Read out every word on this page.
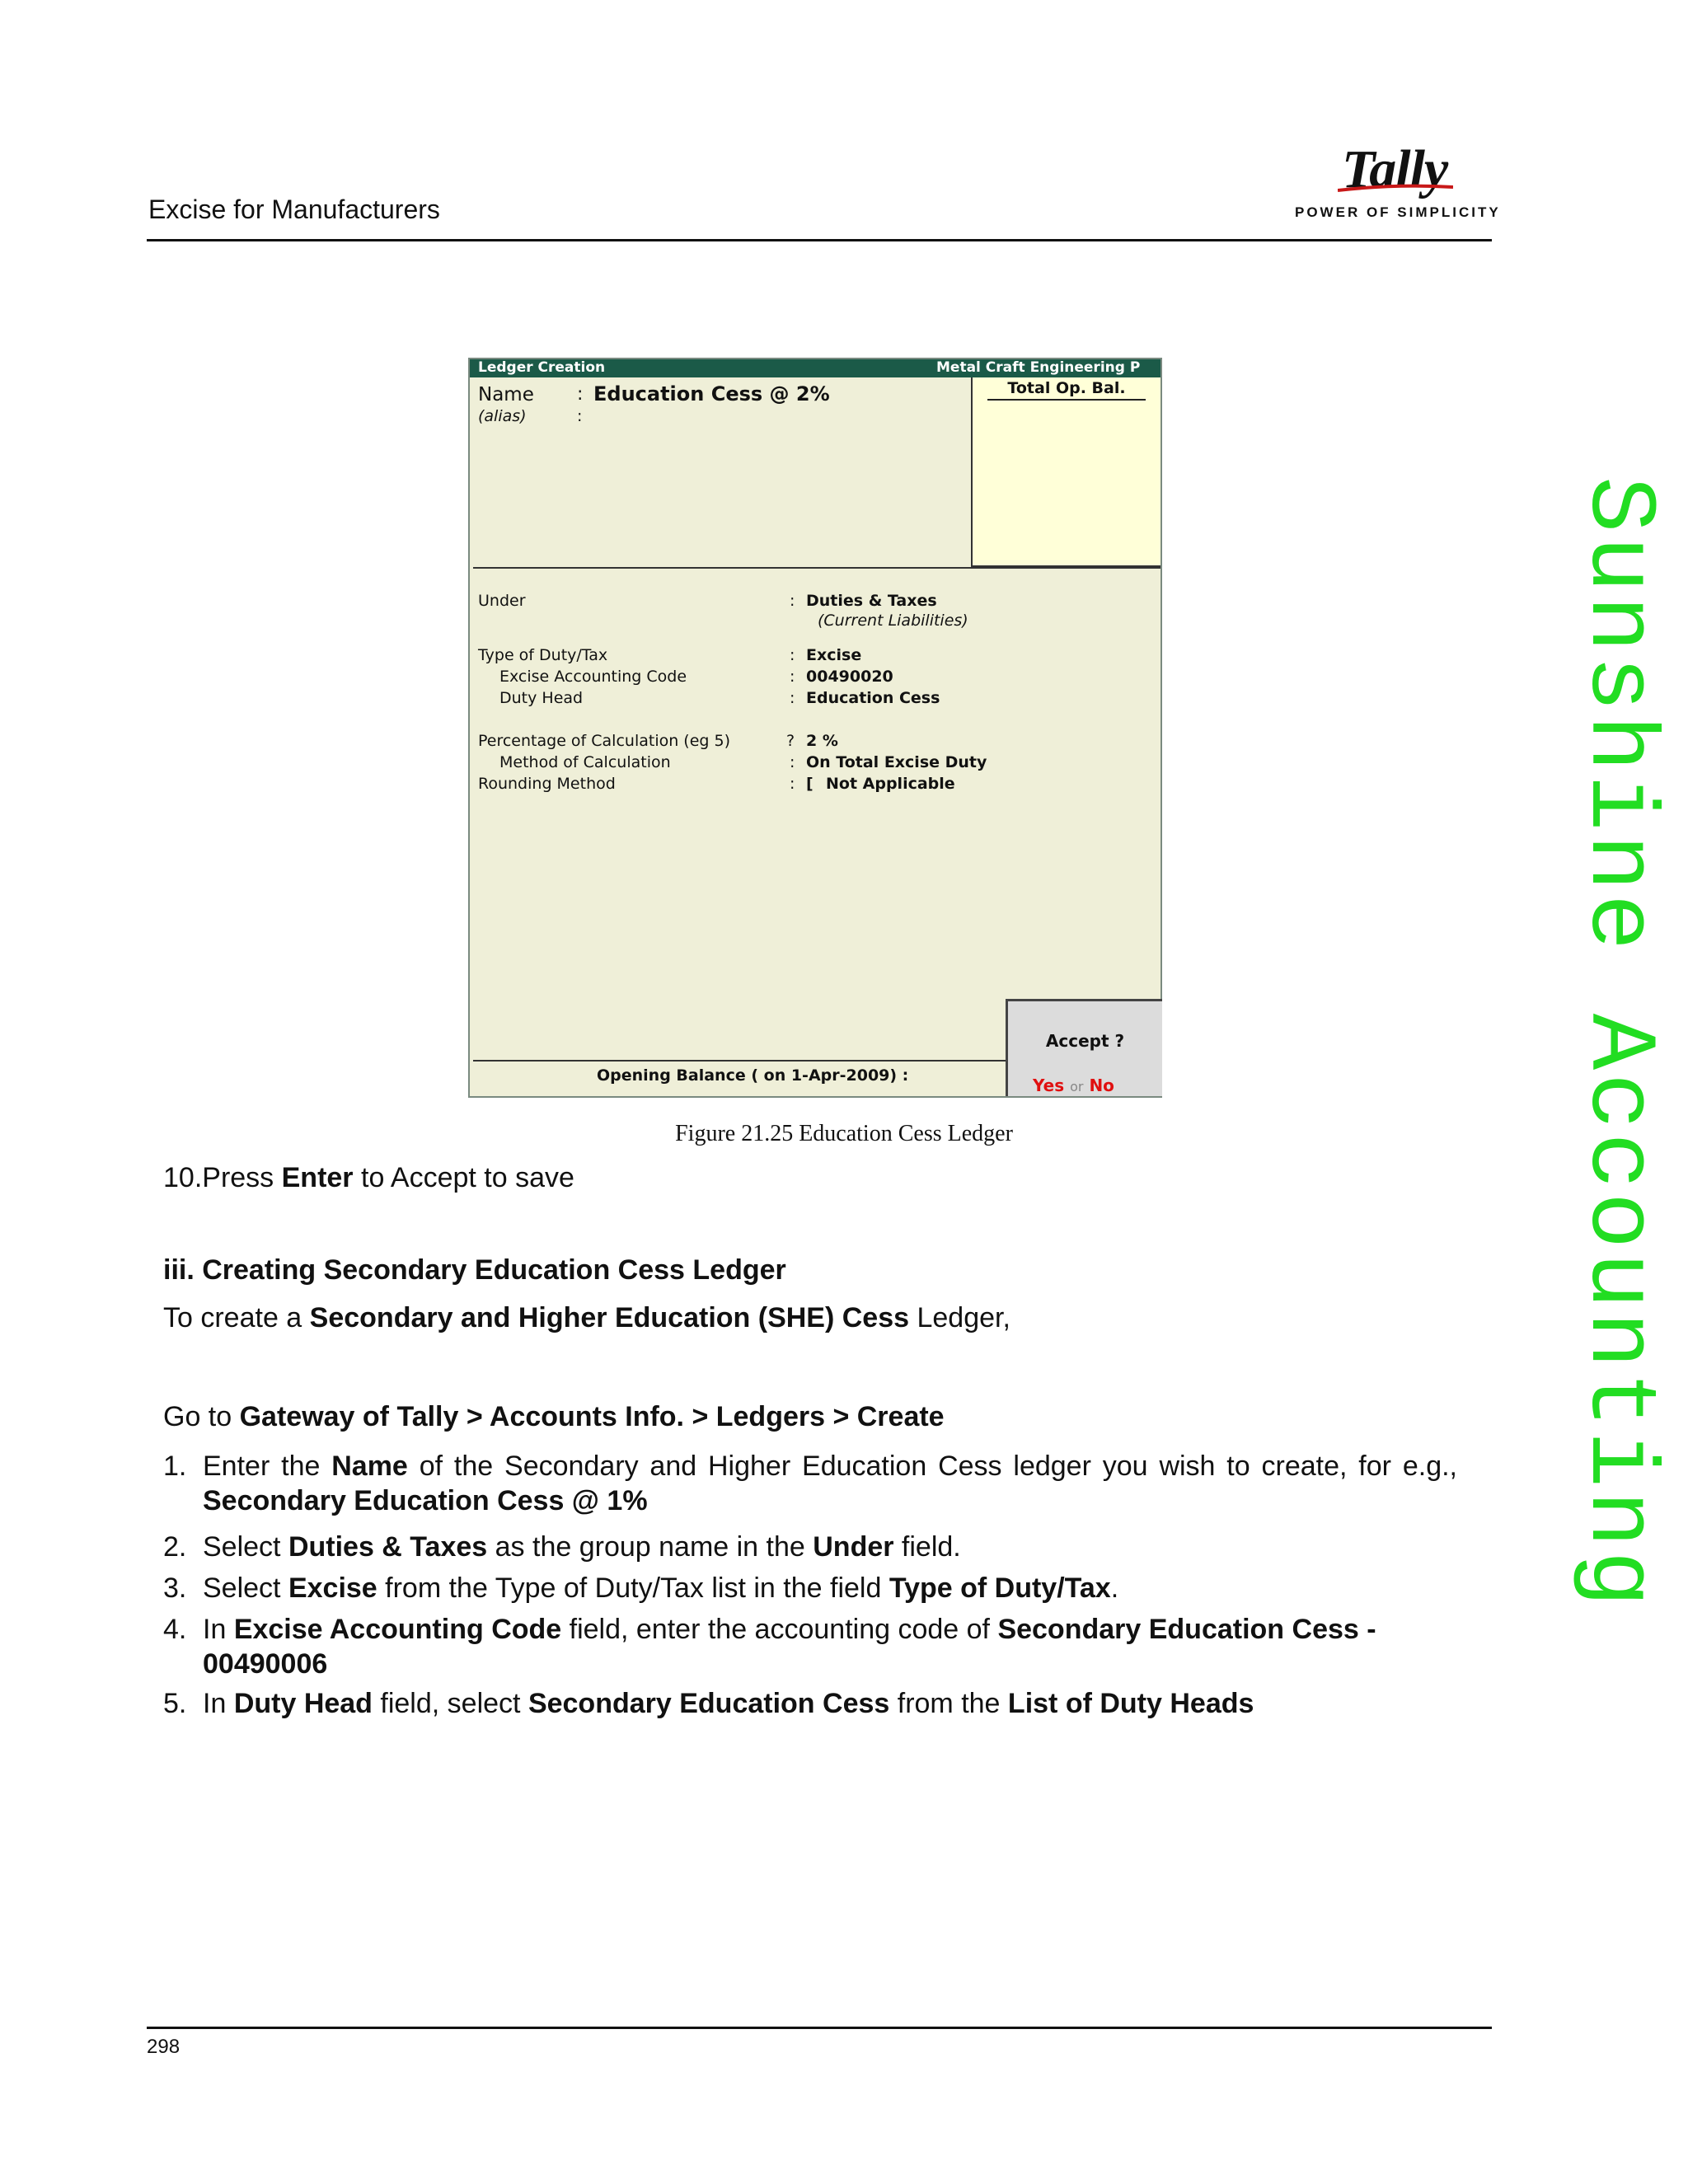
Excise for Manufacturers
Tally
POWER OF SIMPLICITY
Sunshine Accounting
Ledger Creation	Metal Craft Engineering P
Name : Education Cess @ 2%
(alias)	:
Total Op. Bal.
Under	: Duties & Taxes
(Current Liabilities)
Type of Duty/Tax	: Excise
Excise Accounting Code	: 00490020
Duty Head	: Education Cess
Percentage of Calculation (eg 5)	? 2 %
Method of Calculation	: On Total Excise Duty
Rounding Method	: [ Not Applicable
Opening Balance ( on 1-Apr-2009) :
Accept ?
Yes or No
Figure 21.25 Education Cess Ledger
10.Press Enter to Accept to save
iii. Creating Secondary Education Cess Ledger
To create a Secondary and Higher Education (SHE) Cess Ledger,
Go to Gateway of Tally > Accounts Info. > Ledgers > Create
1. Enter the Name of the Secondary and Higher Education Cess ledger you wish to create, for e.g., Secondary Education Cess @ 1%
2. Select Duties & Taxes as the group name in the Under field.
3. Select Excise from the Type of Duty/Tax list in the field Type of Duty/Tax.
4. In Excise Accounting Code field, enter the accounting code of Secondary Education Cess - 00490006
5. In Duty Head field, select Secondary Education Cess from the List of Duty Heads
298
